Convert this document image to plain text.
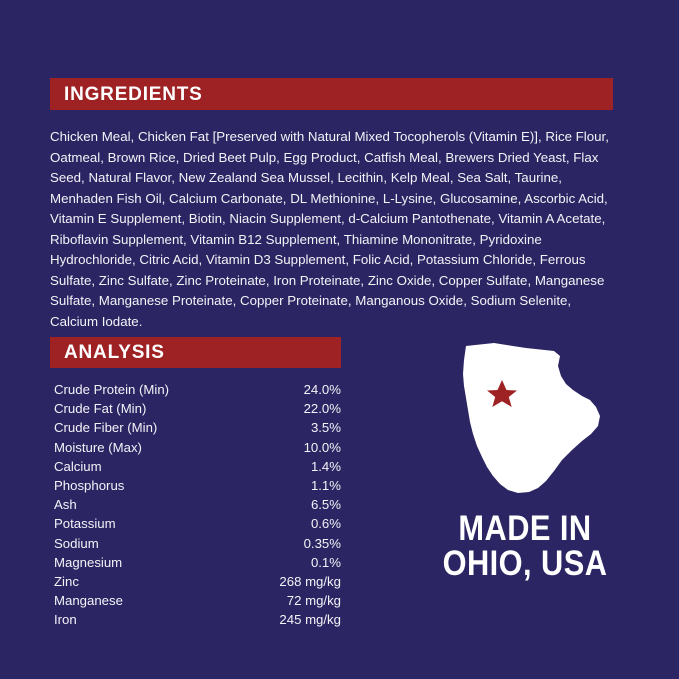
INGREDIENTS
Chicken Meal, Chicken Fat [Preserved with Natural Mixed Tocopherols (Vitamin E)], Rice Flour, Oatmeal, Brown Rice, Dried Beet Pulp, Egg Product, Catfish Meal, Brewers Dried Yeast, Flax Seed, Natural Flavor, New Zealand Sea Mussel, Lecithin, Kelp Meal, Sea Salt, Taurine, Menhaden Fish Oil, Calcium Carbonate, DL Methionine, L-Lysine, Glucosamine, Ascorbic Acid, Vitamin E Supplement, Biotin, Niacin Supplement, d-Calcium Pantothenate, Vitamin A Acetate, Riboflavin Supplement, Vitamin B12 Supplement, Thiamine Mononitrate, Pyridoxine Hydrochloride, Citric Acid, Vitamin D3 Supplement, Folic Acid, Potassium Chloride, Ferrous Sulfate, Zinc Sulfate, Zinc Proteinate, Iron Proteinate, Zinc Oxide, Copper Sulfate, Manganese Sulfate, Manganese Proteinate, Copper Proteinate, Manganous Oxide, Sodium Selenite, Calcium Iodate.
ANALYSIS
Crude Protein (Min)	24.0%
Crude Fat (Min)	22.0%
Crude Fiber (Min)	3.5%
Moisture (Max)	10.0%
Calcium	1.4%
Phosphorus	1.1%
Ash	6.5%
Potassium	0.6%
Sodium	0.35%
Magnesium	0.1%
Zinc	268 mg/kg
Manganese	72 mg/kg
Iron	245 mg/kg
MADE IN
OHIO, USA
